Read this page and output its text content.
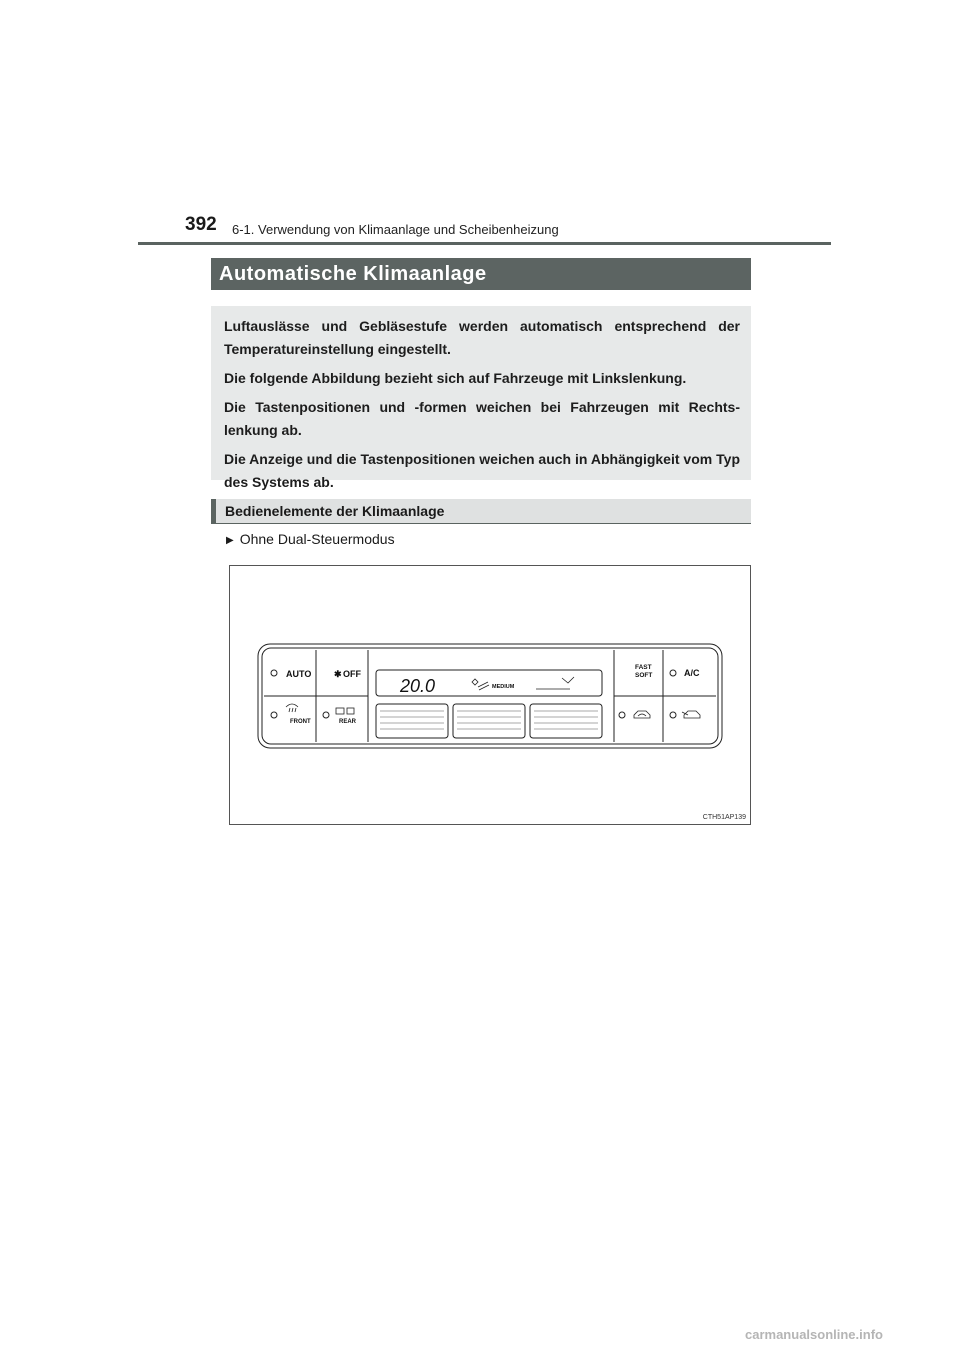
392 6-1. Verwendung von Klimaanlage und Scheibenheizung
Automatische Klimaanlage

Luftauslässe und Gebläsestufe werden automatisch entsprechend der Temperatureinstellung eingestellt.

Die folgende Abbildung bezieht sich auf Fahrzeuge mit Linkslenkung.

Die Tastenpositionen und -formen weichen bei Fahrzeugen mit Rechts-lenkung ab.

Die Anzeige und die Tastenpositionen weichen auch in Abhängigkeit vom Typ des Systems ab.

Bedienelemente der Klimaanlage
▶ Ohne Dual-Steuermodus
AUTO	✱ OFF
FRONT	REAR
FAST
SOFT	A/C
20.0	MEDIUM
CTH51AP139
carmanualsonline.info
